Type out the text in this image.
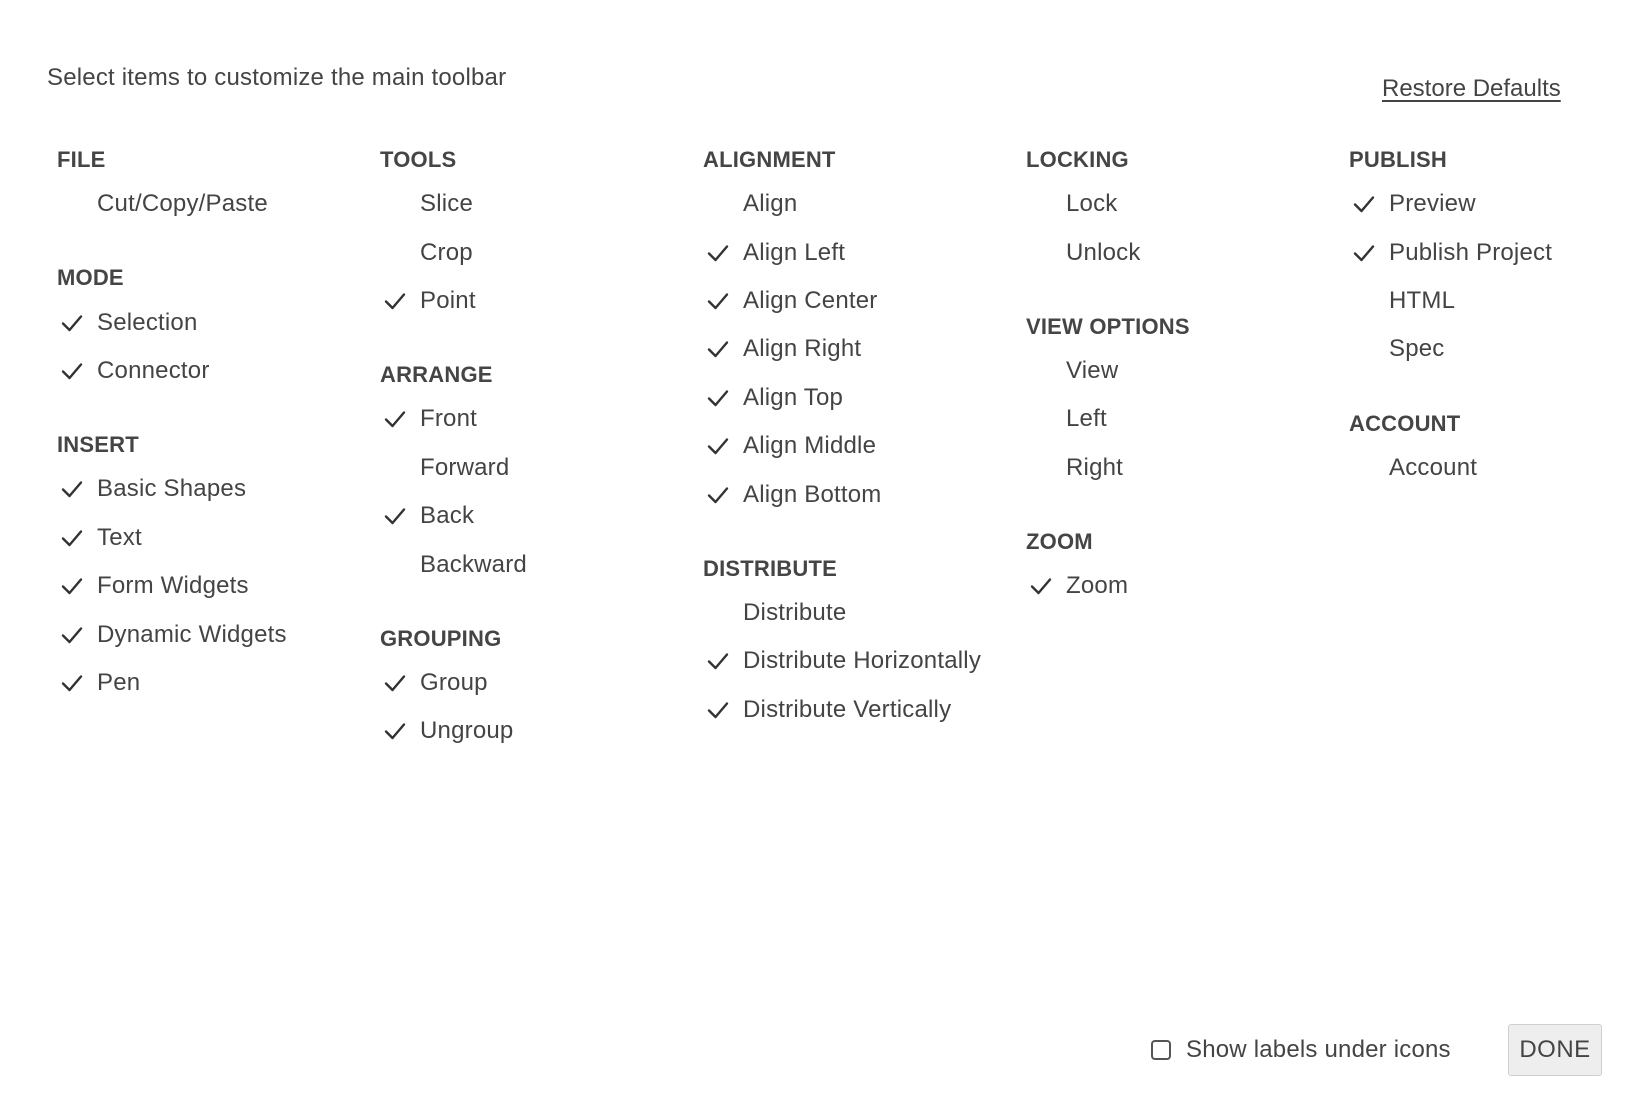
Select items to customize the main toolbar	Restore Defaults
FILE
Cut/Copy/Paste
MODE
Selection
Connector
INSERT
Basic Shapes
Text
Form Widgets
Dynamic Widgets
Pen
TOOLS
Slice
Crop
Point
ARRANGE
Front
Forward
Back
Backward
GROUPING
Group
Ungroup
ALIGNMENT
Align
Align Left
Align Center
Align Right
Align Top
Align Middle
Align Bottom
DISTRIBUTE
Distribute
Distribute Horizontally
Distribute Vertically
LOCKING
Lock
Unlock
VIEW OPTIONS
View
Left
Right
ZOOM
Zoom
PUBLISH
Preview
Publish Project
HTML
Spec
ACCOUNT
Account
Show labels under icons	DONE
